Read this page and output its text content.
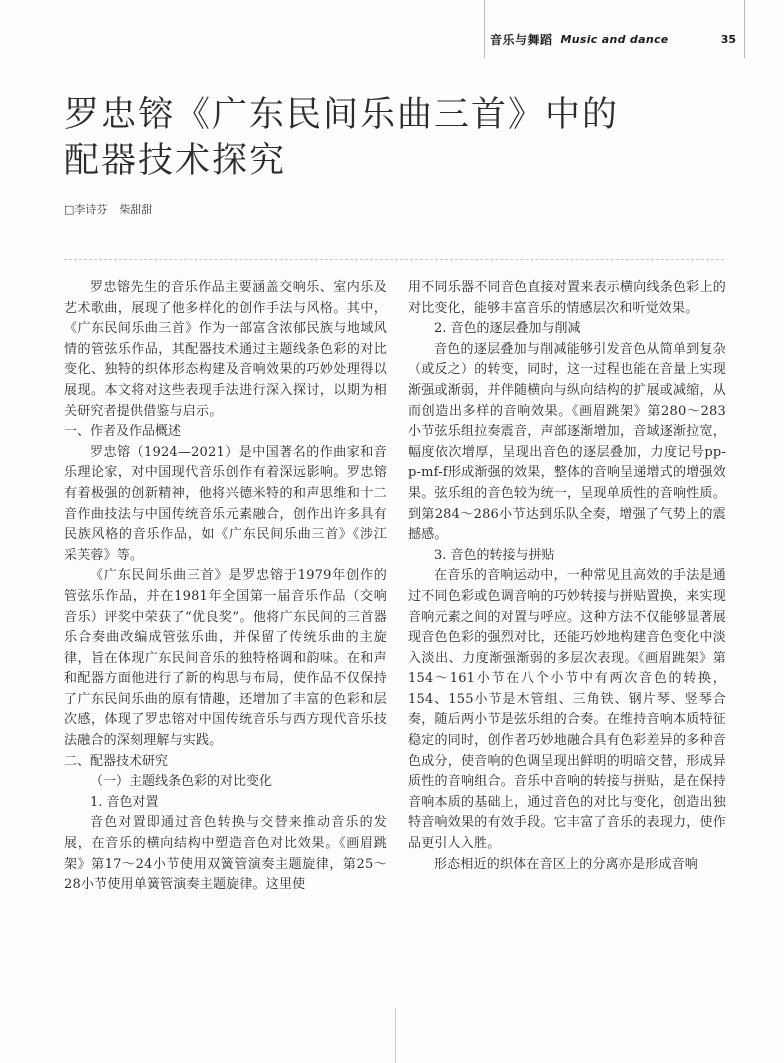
音乐与舞蹈 Music and dance	35
罗忠镕《广东民间乐曲三首》中的
配器技术探究
□李诗芬 柴甜甜

罗忠镕先生的音乐作品主要涵盖交响乐、室内乐及艺术歌曲，展现了他多样化的创作手法与风格。其中，《广东民间乐曲三首》作为一部富含浓郁民族与地域风情的管弦乐作品，其配器技术通过主题线条色彩的对比变化、独特的织体形态构建及音响效果的巧妙处理得以展现。本文将对这些表现手法进行深入探讨，以期为相关研究者提供借鉴与启示。

一、作者及作品概述

罗忠镕（1924—2021）是中国著名的作曲家和音乐理论家，对中国现代音乐创作有着深远影响。罗忠镕有着极强的创新精神，他将兴德米特的和声思维和十二音作曲技法与中国传统音乐元素融合，创作出许多具有民族风格的音乐作品，如《广东民间乐曲三首》《涉江采芙蓉》等。

《广东民间乐曲三首》是罗忠镕于1979年创作的管弦乐作品，并在1981年全国第一届音乐作品（交响音乐）评奖中荣获了“优良奖”。他将广东民间的三首器乐合奏曲改编成管弦乐曲，并保留了传统乐曲的主旋律，旨在体现广东民间音乐的独特格调和韵味。在和声和配器方面他进行了新的构思与布局，使作品不仅保持了广东民间乐曲的原有情趣，还增加了丰富的色彩和层次感，体现了罗忠镕对中国传统音乐与西方现代音乐技法融合的深刻理解与实践。

二、配器技术研究

（一）主题线条色彩的对比变化

1. 音色对置

音色对置即通过音色转换与交替来推动音乐的发展，在音乐的横向结构中塑造音色对比效果。《画眉跳架》第17～24小节使用双簧管演奏主题旋律，第25～28小节使用单簧管演奏主题旋律。这里使

用不同乐器不同音色直接对置来表示横向线条色彩上的对比变化，能够丰富音乐的情感层次和听觉效果。

2. 音色的逐层叠加与削减

音色的逐层叠加与削减能够引发音色从简单到复杂（或反之）的转变，同时，这一过程也能在音量上实现渐强或渐弱，并伴随横向与纵向结构的扩展或减缩，从而创造出多样的音响效果。《画眉跳架》第280～283小节弦乐组拉奏震音，声部逐渐增加，音域逐渐拉宽，幅度依次增厚，呈现出音色的逐层叠加，力度记号pp-p-mf-f形成渐强的效果，整体的音响呈递增式的增强效果。弦乐组的音色较为统一，呈现单质性的音响性质。到第284～286小节达到乐队全奏，增强了气势上的震撼感。

3. 音色的转接与拼贴

在音乐的音响运动中，一种常见且高效的手法是通过不同色彩或色调音响的巧妙转接与拼贴置换，来实现音响元素之间的对置与呼应。这种方法不仅能够显著展现音色色彩的强烈对比，还能巧妙地构建音色变化中淡入淡出、力度渐强渐弱的多层次表现。《画眉跳架》第154～161小节在八个小节中有两次音色的转换，154、155小节是木管组、三角铁、钢片琴、竖琴合奏，随后两小节是弦乐组的合奏。在维持音响本质特征稳定的同时，创作者巧妙地融合具有色彩差异的多种音色成分，使音响的色调呈现出鲜明的明暗交替，形成异质性的音响组合。音乐中音响的转接与拼贴，是在保持音响本质的基础上，通过音色的对比与变化，创造出独特音响效果的有效手段。它丰富了音乐的表现力，使作品更引人入胜。

形态相近的织体在音区上的分离亦是形成音响
